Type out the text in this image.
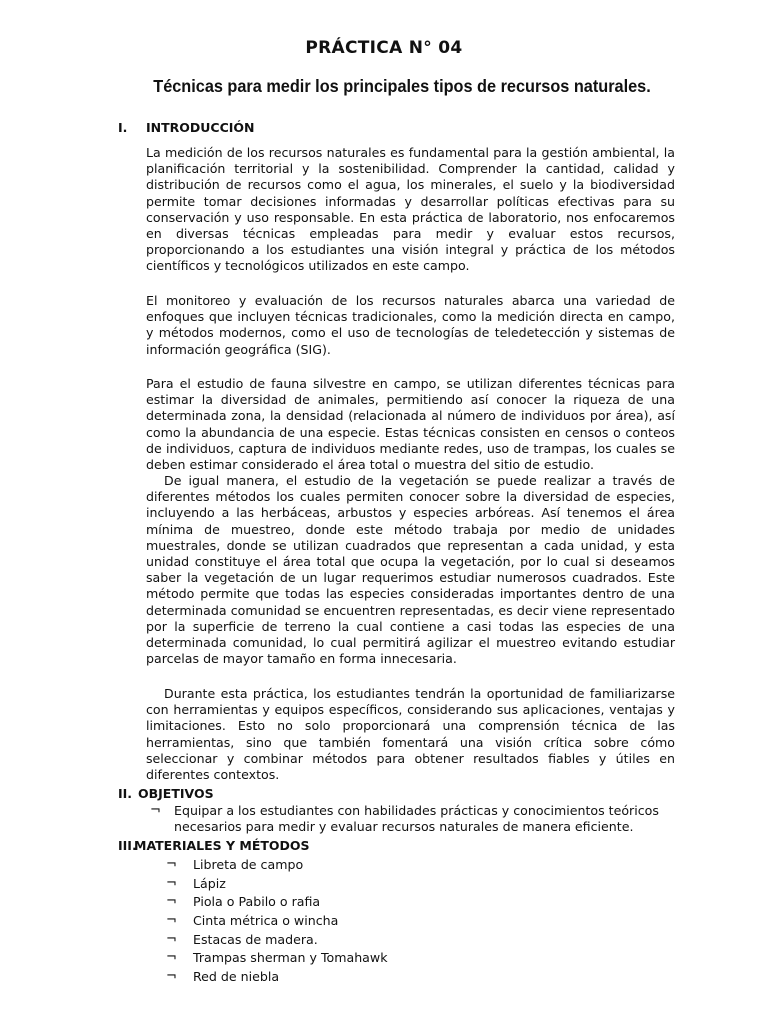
PRÁCTICA N° 04
Técnicas para medir los principales tipos de recursos naturales.
I. INTRODUCCIÓN

La medición de los recursos naturales es fundamental para la gestión ambiental, la planificación territorial y la sostenibilidad. Comprender la cantidad, calidad y distribución de recursos como el agua, los minerales, el suelo y la biodiversidad permite tomar decisiones informadas y desarrollar políticas efectivas para su conservación y uso responsable. En esta práctica de laboratorio, nos enfocaremos en diversas técnicas empleadas para medir y evaluar estos recursos, proporcionando a los estudiantes una visión integral y práctica de los métodos científicos y tecnológicos utilizados en este campo.

El monitoreo y evaluación de los recursos naturales abarca una variedad de enfoques que incluyen técnicas tradicionales, como la medición directa en campo, y métodos modernos, como el uso de tecnologías de teledetección y sistemas de información geográfica (SIG).

Para el estudio de fauna silvestre en campo, se utilizan diferentes técnicas para estimar la diversidad de animales, permitiendo así conocer la riqueza de una determinada zona, la densidad (relacionada al número de individuos por área), así como la abundancia de una especie. Estas técnicas consisten en censos o conteos de individuos, captura de individuos mediante redes, uso de trampas, los cuales se deben estimar considerado el área total o muestra del sitio de estudio.

De igual manera, el estudio de la vegetación se puede realizar a través de diferentes métodos los cuales permiten conocer sobre la diversidad de especies, incluyendo a las herbáceas, arbustos y especies arbóreas. Así tenemos el área mínima de muestreo, donde este método trabaja por medio de unidades muestrales, donde se utilizan cuadrados que representan a cada unidad, y esta unidad constituye el área total que ocupa la vegetación, por lo cual si deseamos saber la vegetación de un lugar requerimos estudiar numerosos cuadrados. Este método permite que todas las especies consideradas importantes dentro de una determinada comunidad se encuentren representadas, es decir viene representado por la superficie de terreno la cual contiene a casi todas las especies de una determinada comunidad, lo cual permitirá agilizar el muestreo evitando estudiar parcelas de mayor tamaño en forma innecesaria.

Durante esta práctica, los estudiantes tendrán la oportunidad de familiarizarse con herramientas y equipos específicos, considerando sus aplicaciones, ventajas y limitaciones. Esto no solo proporcionará una comprensión técnica de las herramientas, sino que también fomentará una visión crítica sobre cómo seleccionar y combinar métodos para obtener resultados fiables y útiles en diferentes contextos.

II. OBJETIVOS
¬ Equipar a los estudiantes con habilidades prácticas y conocimientos teóricos necesarios para medir y evaluar recursos naturales de manera eficiente.
III.MATERIALES Y MÉTODOS
¬ Libreta de campo
¬ Lápiz
¬ Piola o Pabilo o rafia
¬ Cinta métrica o wincha
¬ Estacas de madera.
¬ Trampas sherman y Tomahawk
¬ Red de niebla
